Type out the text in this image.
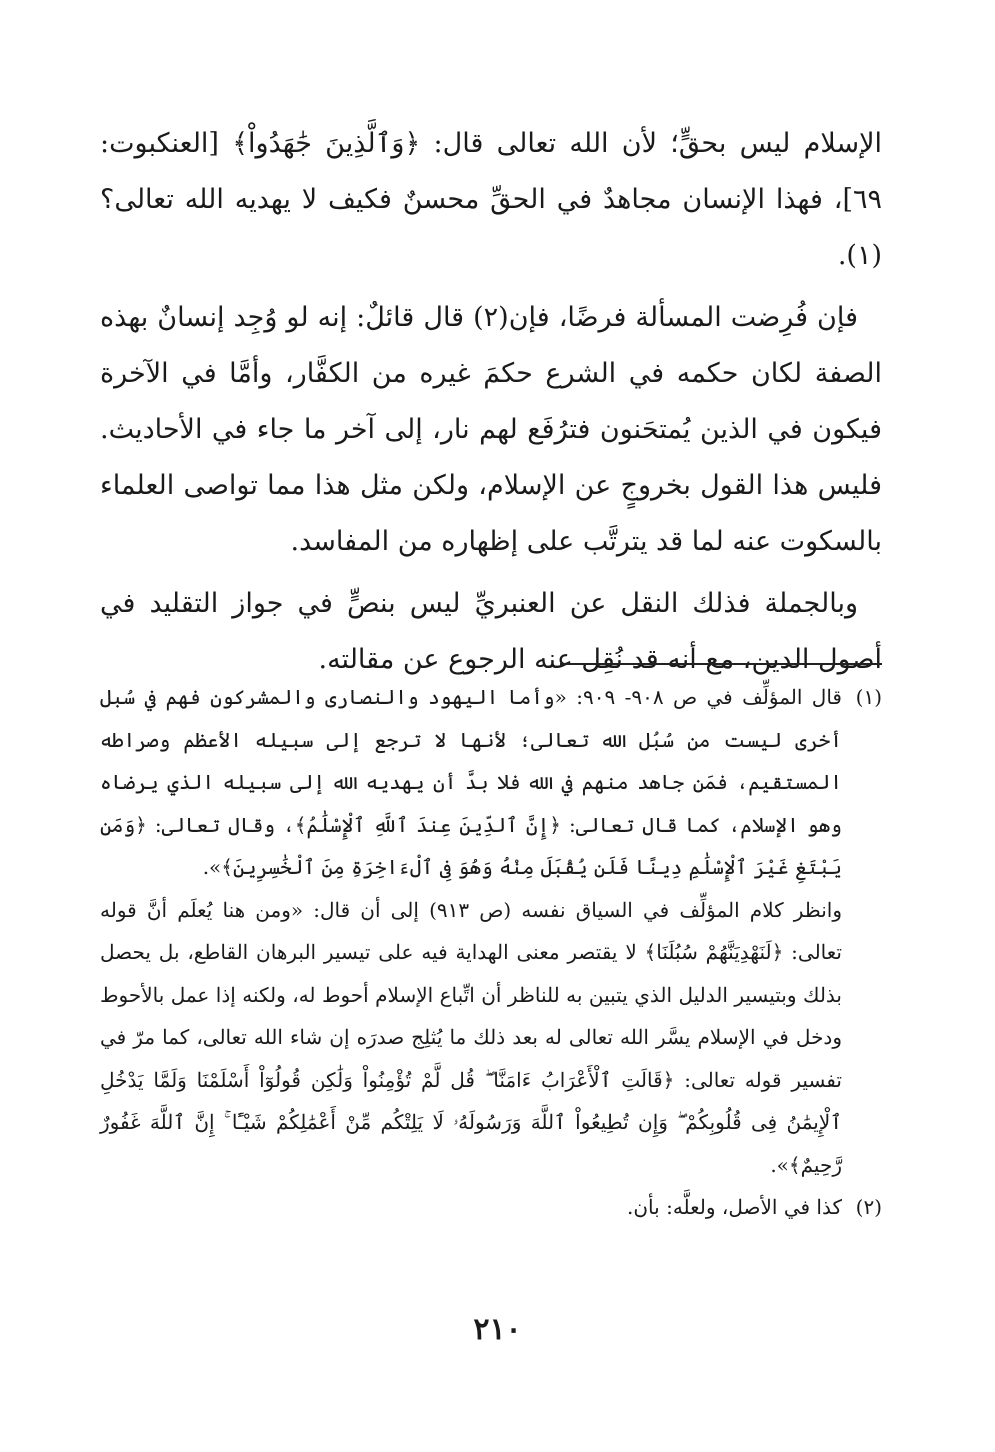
الإسلام ليس بحقٍّ؛ لأن الله تعالى قال: ﴿وَٱلَّذِينَ جَٰهَدُواْ﴾ [العنكبوت: ٦٩]، فهذا الإنسان مجاهدٌ في الحقِّ محسنٌ فكيف لا يهديه الله تعالى؟(١).

فإن فُرِضت المسألة فرضًا، فإن(٢) قال قائلٌ: إنه لو وُجِد إنسانٌ بهذه الصفة لكان حكمه في الشرع حكمَ غيره من الكفَّار، وأمَّا في الآخرة فيكون في الذين يُمتحَنون فترُفَع لهم نار، إلى آخر ما جاء في الأحاديث. فليس هذا القول بخروجٍ عن الإسلام، ولكن مثل هذا مما تواصى العلماء بالسكوت عنه لما قد يترتَّب على إظهاره من المفاسد.

وبالجملة فذلك النقل عن العنبريِّ ليس بنصٍّ في جواز التقليد في أصول الدين، مع أنه قد نُقِل عنه الرجوع عن مقالته.

(١)
قال المؤلِّف في ص ٩٠٨- ٩٠٩: «وأما اليهود والنصارى والمشركون فهم في سُبل أخرى ليست من سُبُل الله تعالى؛ لأنها لا ترجع إلى سبيله الأعظم وصراطه المستقيم، فمَن جاهد منهم في الله فلا بدَّ أن يهديه الله إلى سبيله الذي يرضاه وهو الإسلام، كما قال تعالى: ﴿إِنَّ ٱلدِّينَ عِندَ ٱللَّهِ ٱلْإِسْلَٰمُ﴾، وقال تعالى: ﴿وَمَن يَبْتَغِ غَيْرَ ٱلْإِسْلَٰمِ دِينًا فَلَن يُقْبَلَ مِنْهُ وَهُوَ فِى ٱلْءَاخِرَةِ مِنَ ٱلْخَٰسِرِينَ﴾».

وانظر كلام المؤلِّف في السياق نفسه (ص ٩١٣) إلى أن قال: «ومن هنا يُعلَم أنَّ قوله تعالى: ﴿لَنَهْدِيَنَّهُمْ سُبُلَنَا﴾ لا يقتصر معنى الهداية فيه على تيسير البرهان القاطع، بل يحصل بذلك وبتيسير الدليل الذي يتبين به للناظر أن اتِّباع الإسلام أحوط له، ولكنه إذا عمل بالأحوط ودخل في الإسلام يسَّر الله تعالى له بعد ذلك ما يُثلِج صدرَه إن شاء الله تعالى، كما مرّ في تفسير قوله تعالى: ﴿قَالَتِ ٱلْأَعْرَابُ ءَامَنَّا ۖ قُل لَّمْ تُؤْمِنُواْ وَلَٰكِن قُولُوٓاْ أَسْلَمْنَا وَلَمَّا يَدْخُلِ ٱلْإِيمَٰنُ فِى قُلُوبِكُمْ ۖ وَإِن تُطِيعُواْ ٱللَّهَ وَرَسُولَهُۥ لَا يَلِتْكُم مِّنْ أَعْمَٰلِكُمْ شَيْـًٔا ۚ إِنَّ ٱللَّهَ غَفُورٌ رَّحِيمٌ﴾».

(٢)
كذا في الأصل، ولعلَّه: بأن.

٢١٠
